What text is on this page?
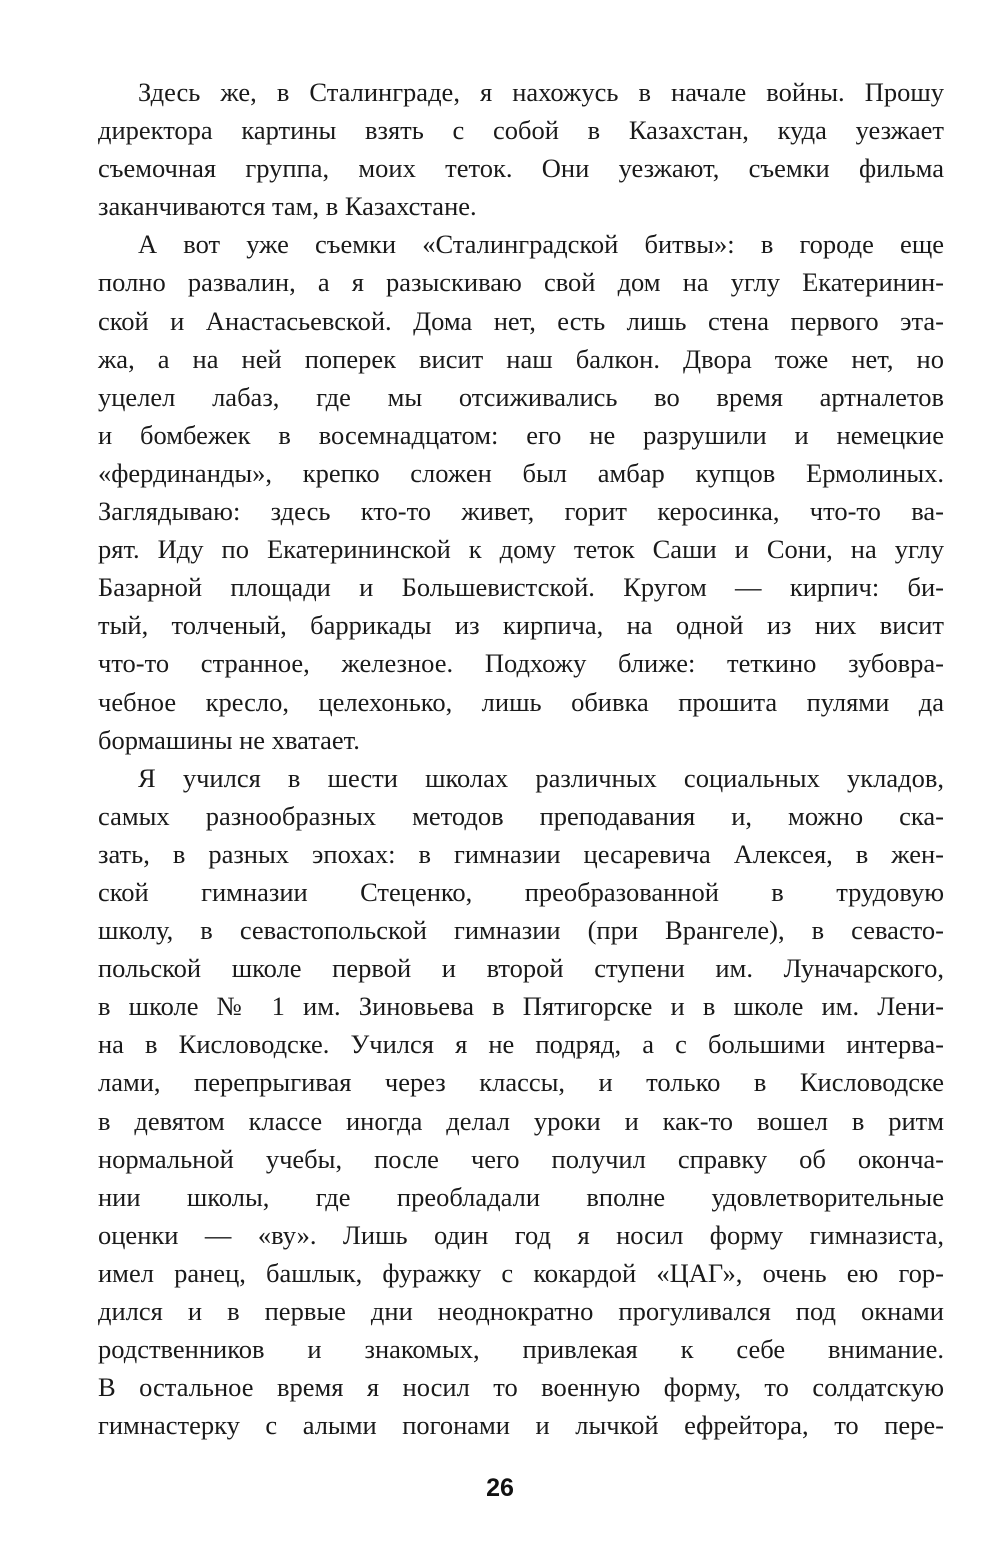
Здесь же, в Сталинграде, я нахожусь в начале войны. Прошу
директора картины взять с собой в Казахстан, куда уезжает
съемочная группа, моих теток. Они уезжают, съемки фильма
заканчиваются там, в Казахстане.
А вот уже съемки «Сталинградской битвы»: в городе еще
полно развалин, а я разыскиваю свой дом на углу Екатеринин-
ской и Анастасьевской. Дома нет, есть лишь стена первого эта-
жа, а на ней поперек висит наш балкон. Двора тоже нет, но
уцелел лабаз, где мы отсиживались во время артналетов
и бомбежек в восемнадцатом: его не разрушили и немецкие
«фердинанды», крепко сложен был амбар купцов Ермолиных.
Заглядываю: здесь кто-то живет, горит керосинка, что-то ва-
рят. Иду по Екатерининской к дому теток Саши и Сони, на углу
Базарной площади и Большевистской. Кругом — кирпич: би-
тый, толченый, баррикады из кирпича, на одной из них висит
что-то странное, железное. Подхожу ближе: теткино зубовра-
чебное кресло, целехонько, лишь обивка прошита пулями да
бормашины не хватает.
Я учился в шести школах различных социальных укладов,
самых разнообразных методов преподавания и, можно ска-
зать, в разных эпохах: в гимназии цесаревича Алексея, в жен-
ской гимназии Стеценко, преобразованной в трудовую
школу, в севастопольской гимназии (при Врангеле), в севасто-
польской школе первой и второй ступени им. Луначарского,
в школе № 1 им. Зиновьева в Пятигорске и в школе им. Лени-
на в Кисловодске. Учился я не подряд, а с большими интерва-
лами, перепрыгивая через классы, и только в Кисловодске
в девятом классе иногда делал уроки и как-то вошел в ритм
нормальной учебы, после чего получил справку об оконча-
нии школы, где преобладали вполне удовлетворительные
оценки — «ву». Лишь один год я носил форму гимназиста,
имел ранец, башлык, фуражку с кокардой «ЦАГ», очень ею гор-
дился и в первые дни неоднократно прогуливался под окнами
родственников и знакомых, привлекая к себе внимание.
В остальное время я носил то военную форму, то солдатскую
гимнастерку с алыми погонами и лычкой ефрейтора, то пере-
26
